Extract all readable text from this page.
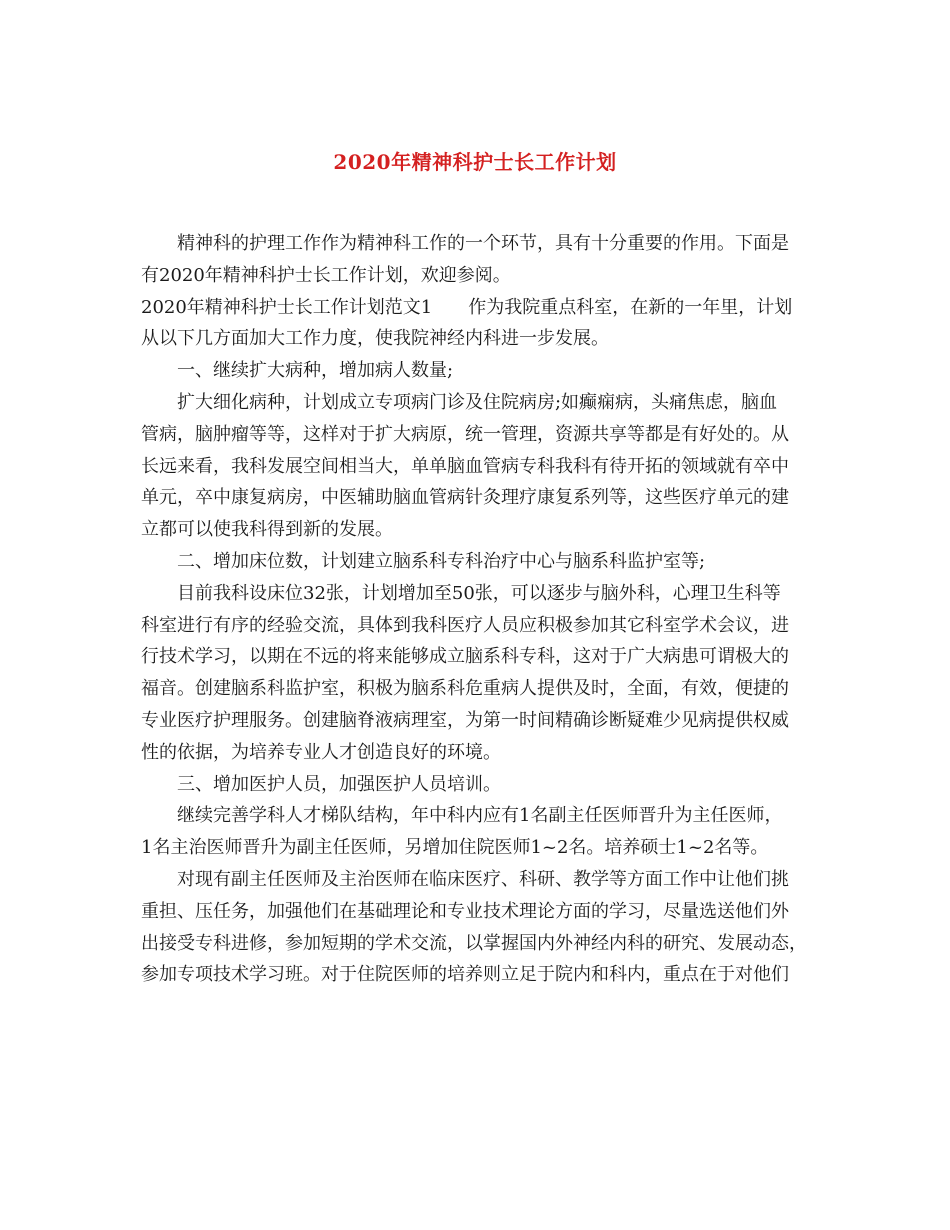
2020年精神科护士长工作计划
精神科的护理工作作为精神科工作的一个环节，具有十分重要的作用。下面是
有2020年精神科护士长工作计划，欢迎参阅。
2020年精神科护士长工作计划范文1 作为我院重点科室，在新的一年里，计划
从以下几方面加大工作力度，使我院神经内科进一步发展。
一、继续扩大病种，增加病人数量;
扩大细化病种，计划成立专项病门诊及住院病房;如癫痫病，头痛焦虑，脑血
管病，脑肿瘤等等，这样对于扩大病原，统一管理，资源共享等都是有好处的。从
长远来看，我科发展空间相当大，单单脑血管病专科我科有待开拓的领域就有卒中
单元，卒中康复病房，中医辅助脑血管病针灸理疗康复系列等，这些医疗单元的建
立都可以使我科得到新的发展。
二、增加床位数，计划建立脑系科专科治疗中心与脑系科监护室等;
目前我科设床位32张，计划增加至50张，可以逐步与脑外科，心理卫生科等
科室进行有序的经验交流，具体到我科医疗人员应积极参加其它科室学术会议，进
行技术学习，以期在不远的将来能够成立脑系科专科，这对于广大病患可谓极大的
福音。创建脑系科监护室，积极为脑系科危重病人提供及时，全面，有效，便捷的
专业医疗护理服务。创建脑脊液病理室，为第一时间精确诊断疑难少见病提供权威
性的依据，为培养专业人才创造良好的环境。
三、增加医护人员，加强医护人员培训。
继续完善学科人才梯队结构，年中科内应有1名副主任医师晋升为主任医师，
1名主治医师晋升为副主任医师，另增加住院医师1~2名。培养硕士1~2名等。
对现有副主任医师及主治医师在临床医疗、科研、教学等方面工作中让他们挑
重担、压任务，加强他们在基础理论和专业技术理论方面的学习，尽量选送他们外
出接受专科进修，参加短期的学术交流，以掌握国内外神经内科的研究、发展动态，
参加专项技术学习班。对于住院医师的培养则立足于院内和科内，重点在于对他们
